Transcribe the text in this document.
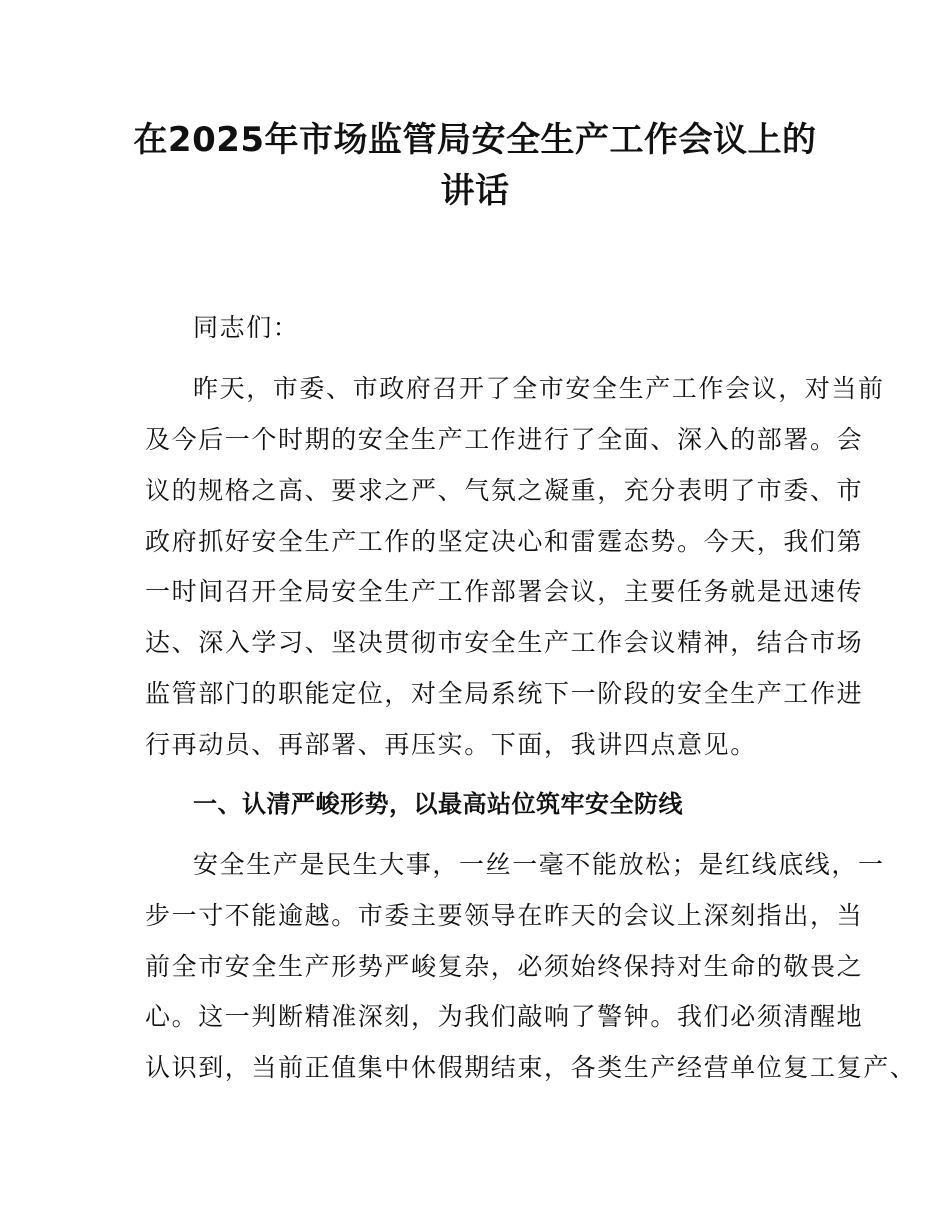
在2025年市场监管局安全生产工作会议上的
讲话
同志们：
昨天，市委、市政府召开了全市安全生产工作会议，对当前
及今后一个时期的安全生产工作进行了全面、深入的部署。会
议的规格之高、要求之严、气氛之凝重，充分表明了市委、市
政府抓好安全生产工作的坚定决心和雷霆态势。今天，我们第
一时间召开全局安全生产工作部署会议，主要任务就是迅速传
达、深入学习、坚决贯彻市安全生产工作会议精神，结合市场
监管部门的职能定位，对全局系统下一阶段的安全生产工作进
行再动员、再部署、再压实。下面，我讲四点意见。
一、认清严峻形势，以最高站位筑牢安全防线
安全生产是民生大事，一丝一毫不能放松；是红线底线，一
步一寸不能逾越。市委主要领导在昨天的会议上深刻指出，当
前全市安全生产形势严峻复杂，必须始终保持对生命的敬畏之
心。这一判断精准深刻，为我们敲响了警钟。我们必须清醒地
认识到，当前正值集中休假期结束，各类生产经营单位复工复产、
